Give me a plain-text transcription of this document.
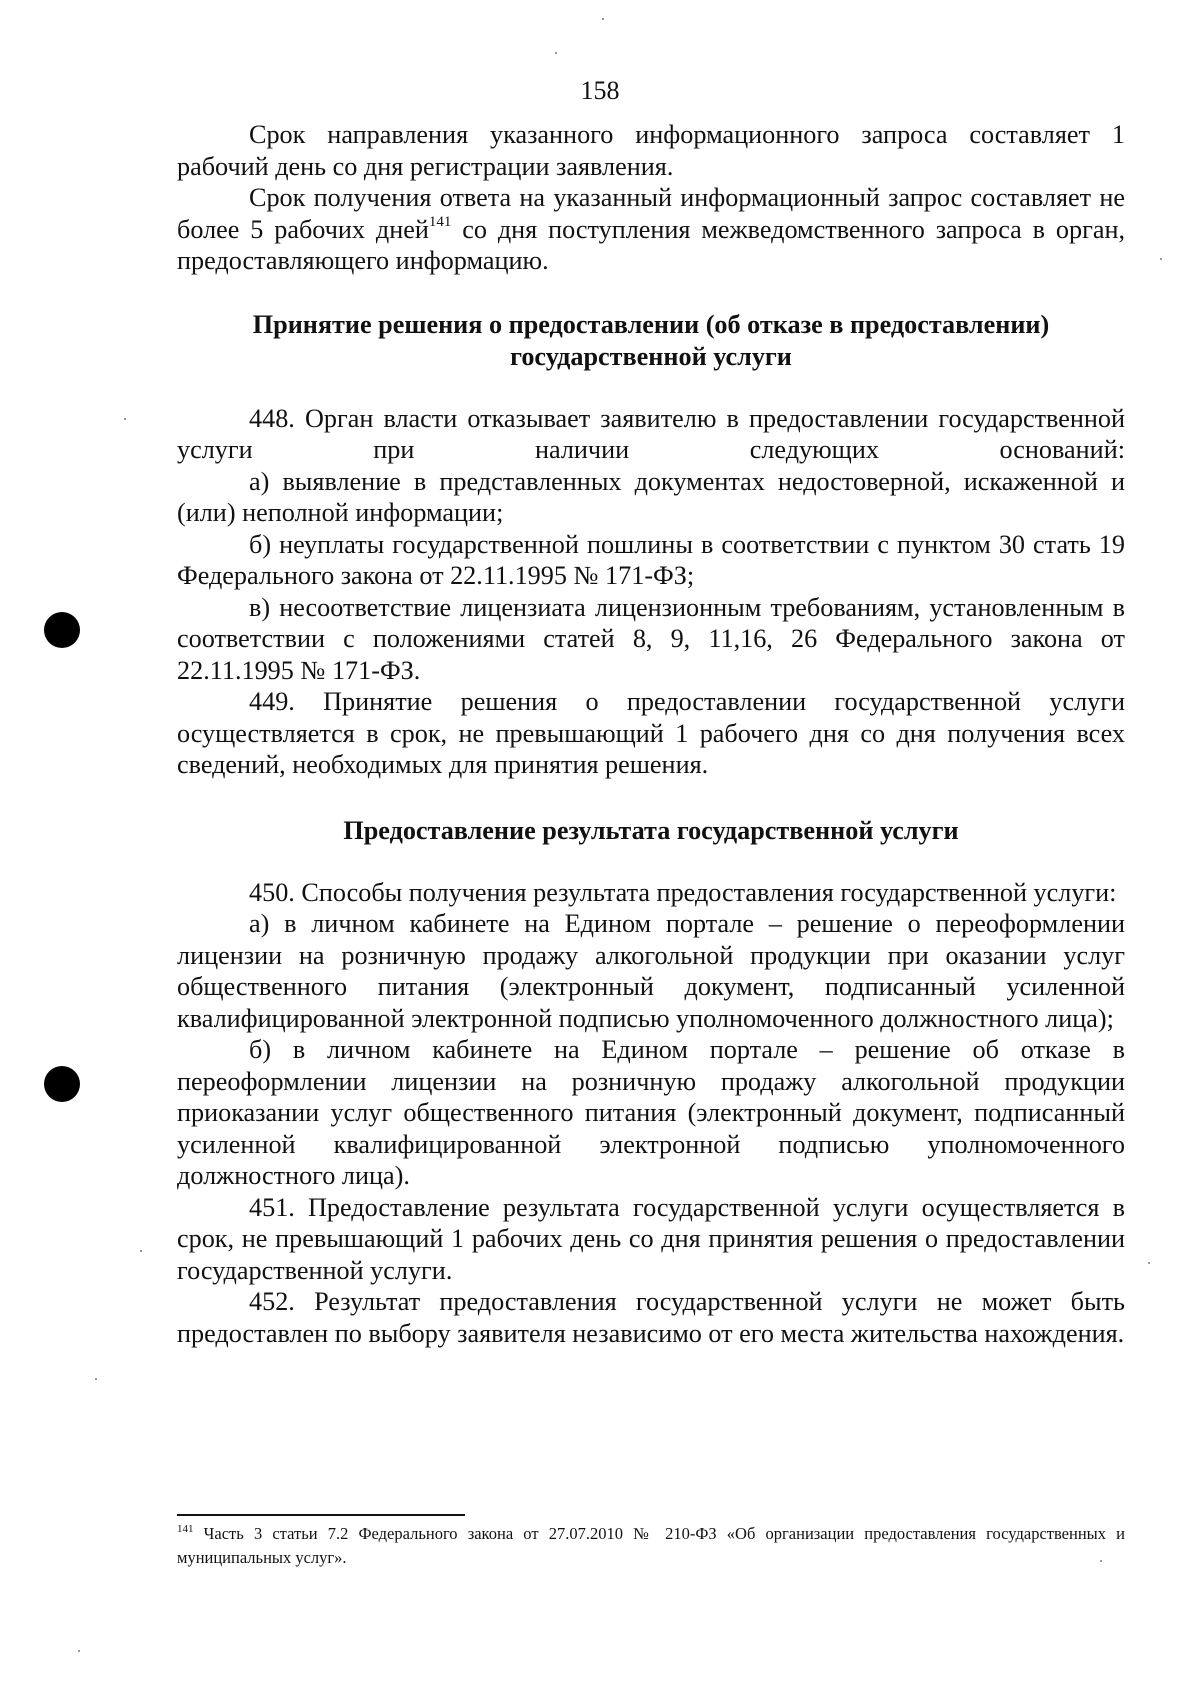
158

Срок направления указанного информационного запроса составляет 1 рабочий день со дня регистрации заявления.

Срок получения ответа на указанный информационный запрос составляет не более 5 рабочих дней$^{141}$ со дня поступления межведомственного запроса в орган, предоставляющего информацию.

Принятие решения о предоставлении (об отказе в предоставлении) государственной услуги

448. Орган власти отказывает заявителю в предоставлении государственной услуги при наличии следующих оснований:

а) выявление в представленных документах недостоверной, искаженной и (или) неполной информации;

б) неуплаты государственной пошлины в соответствии с пунктом 30 стать 19 Федерального закона от 22.11.1995 № 171-ФЗ;

в) несоответствие лицензиата лицензионным требованиям, установленным в соответствии с положениями статей 8, 9, 11,16, 26 Федерального закона от 22.11.1995 № 171-ФЗ.

449. Принятие решения о предоставлении государственной услуги осуществляется в срок, не превышающий 1 рабочего дня со дня получения всех сведений, необходимых для принятия решения.

Предоставление результата государственной услуги

450. Способы получения результата предоставления государственной услуги:

а) в личном кабинете на Едином портале – решение о переоформлении лицензии на розничную продажу алкогольной продукции при оказании услуг общественного питания (электронный документ, подписанный усиленной квалифицированной электронной подписью уполномоченного должностного лица);

б) в личном кабинете на Едином портале – решение об отказе в переоформлении лицензии на розничную продажу алкогольной продукции приоказании услуг общественного питания (электронный документ, подписанный усиленной квалифицированной электронной подписью уполномоченного должностного лица).

451. Предоставление результата государственной услуги осуществляется в срок, не превышающий 1 рабочих день со дня принятия решения о предоставлении государственной услуги.

452. Результат предоставления государственной услуги не может быть предоставлен по выбору заявителя независимо от его места жительства нахождения.

$^{141}$ Часть 3 статьи 7.2 Федерального закона от 27.07.2010 № 210-ФЗ «Об организации предоставления государственных и муниципальных услуг».
